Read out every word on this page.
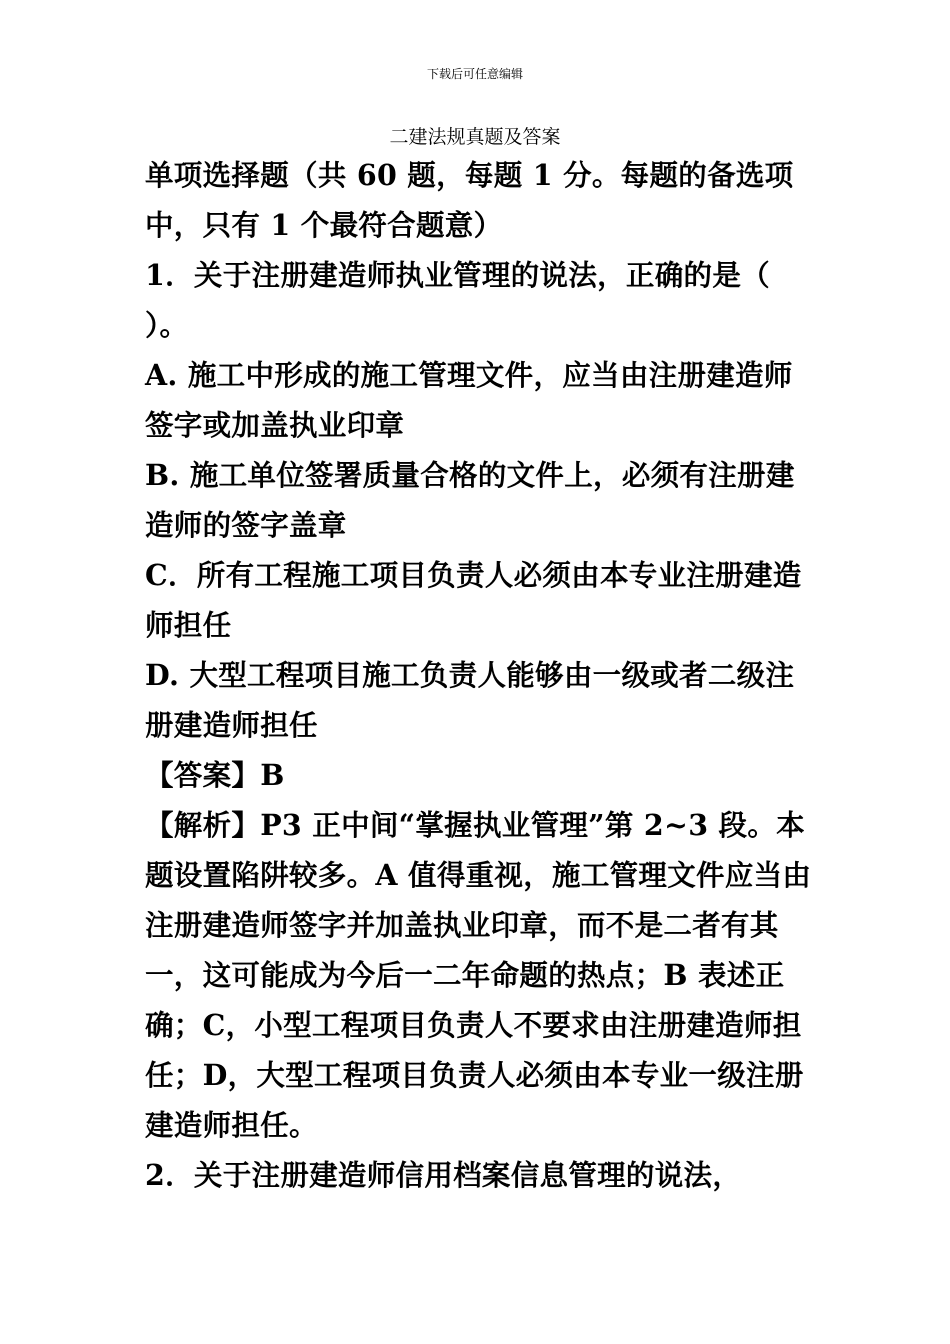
下载后可任意编辑
二建法规真题及答案

单项选择题（共 60 题，每题 1 分。每题的备选项中，只有 1 个最符合题意）

1．关于注册建造师执业管理的说法，正确的是（ ）。

A. 施工中形成的施工管理文件，应当由注册建造师签字或加盖执业印章

B. 施工单位签署质量合格的文件上，必须有注册建造师的签字盖章

C．所有工程施工项目负责人必须由本专业注册建造师担任

D. 大型工程项目施工负责人能够由一级或者二级注册建造师担任

【答案】B

【解析】P3 正中间“掌握执业管理”第 2~3 段。本题设置陷阱较多。A 值得重视，施工管理文件应当由注册建造师签字并加盖执业印章，而不是二者有其一，这可能成为今后一二年命题的热点；B 表述正确；C，小型工程项目负责人不要求由注册建造师担任；D，大型工程项目负责人必须由本专业一级注册建造师担任。

2．关于注册建造师信用档案信息管理的说法，
